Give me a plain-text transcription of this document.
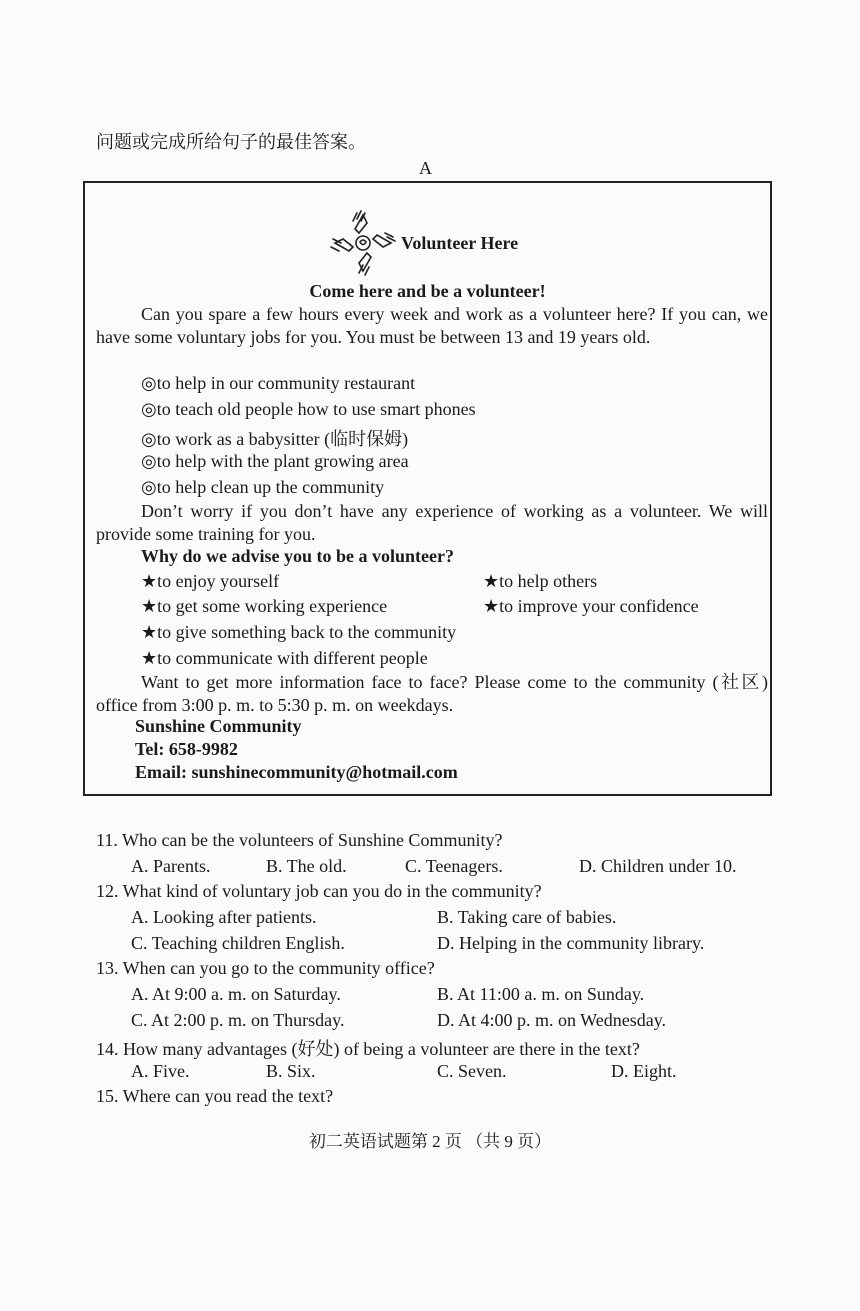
问题或完成所给句子的最佳答案。
A
Volunteer Here
Come here and be a volunteer!
Can you spare a few hours every week and work as a volunteer here? If you can, we have some voluntary jobs for you. You must be between 13 and 19 years old.
◎to help in our community restaurant
◎to teach old people how to use smart phones
◎to work as a babysitter (临时保姆)
◎to help with the plant growing area
◎to help clean up the community
Don’t worry if you don’t have any experience of working as a volunteer. We will provide some training for you.
Why do we advise you to be a volunteer?
★to enjoy yourself	★to help others
★to get some working experience	★to improve your confidence
★to give something back to the community
★to communicate with different people
Want to get more information face to face? Please come to the community (社区) office from 3:00 p. m. to 5:30 p. m. on weekdays.
Sunshine Community
Tel: 658-9982
Email: sunshinecommunity@hotmail.com
11. Who can be the volunteers of Sunshine Community?
A. Parents.	B. The old.	C. Teenagers.	D. Children under 10.
12. What kind of voluntary job can you do in the community?
A. Looking after patients.	B. Taking care of babies.
C. Teaching children English.	D. Helping in the community library.
13. When can you go to the community office?
A. At 9:00 a. m. on Saturday.	B. At 11:00 a. m. on Sunday.
C. At 2:00 p. m. on Thursday.	D. At 4:00 p. m. on Wednesday.
14. How many advantages (好处) of being a volunteer are there in the text?
A. Five.	B. Six.	C. Seven.	D. Eight.
15. Where can you read the text?
初二英语试题第 2 页 （共 9 页）
